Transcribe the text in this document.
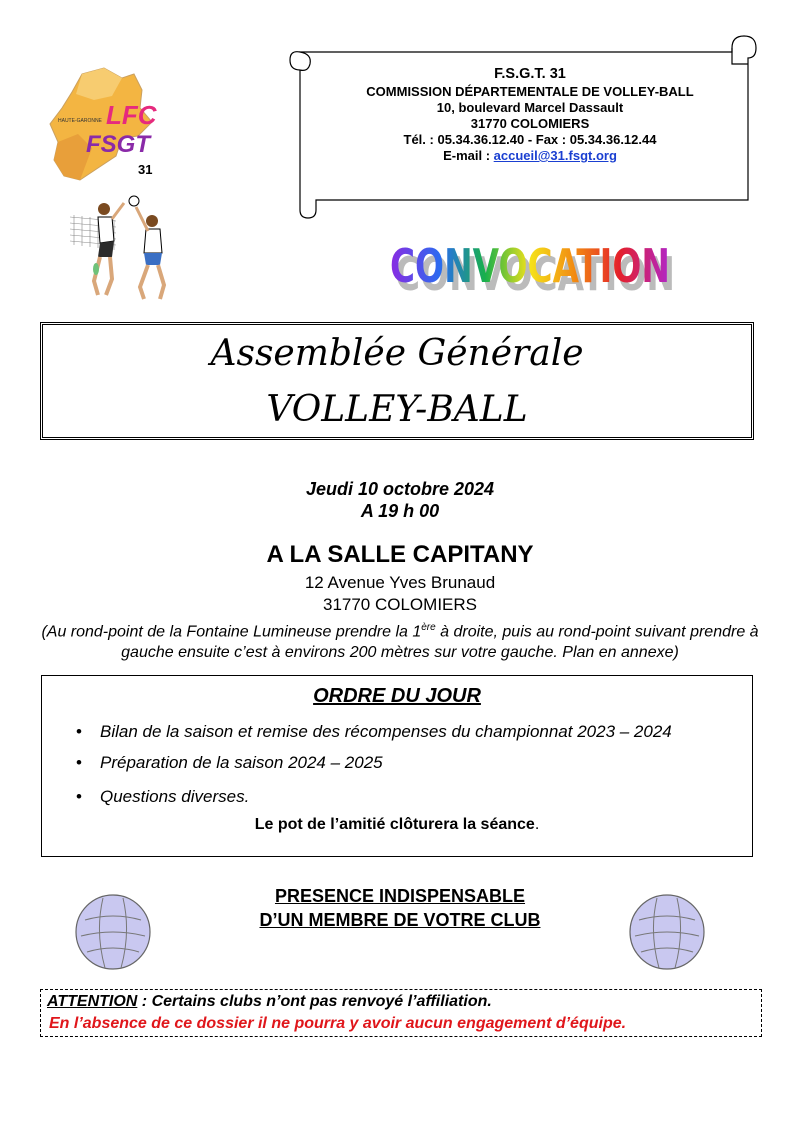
LFC
FSGT
31
HAUTE-GARONNE
F.S.G.T. 31
COMMISSION DÉPARTEMENTALE DE VOLLEY-BALL
10, boulevard Marcel Dassault
31770 COLOMIERS
Tél. : 05.34.36.12.40 - Fax : 05.34.36.12.44
E-mail : accueil@31.fsgt.org
CONVOCATION
CONVOCATION
Assemblée Générale
VOLLEY-BALL
Jeudi 10 octobre 2024
A 19 h 00
A LA SALLE CAPITANY
12 Avenue Yves Brunaud
31770 COLOMIERS
(Au rond-point de la Fontaine Lumineuse prendre la 1ère à droite, puis au rond-point suivant prendre à gauche ensuite c’est à environs 200 mètres sur votre gauche. Plan en annexe)
ORDRE DU JOUR
• Bilan de la saison et remise des récompenses du championnat 2023 – 2024
• Préparation de la saison 2024 – 2025
• Questions diverses.
Le pot de l’amitié clôturera la séance.
PRESENCE INDISPENSABLE
D’UN MEMBRE DE VOTRE CLUB
ATTENTION : Certains clubs n’ont pas renvoyé l’affiliation.
En l’absence de ce dossier il ne pourra y avoir aucun engagement d’équipe.
